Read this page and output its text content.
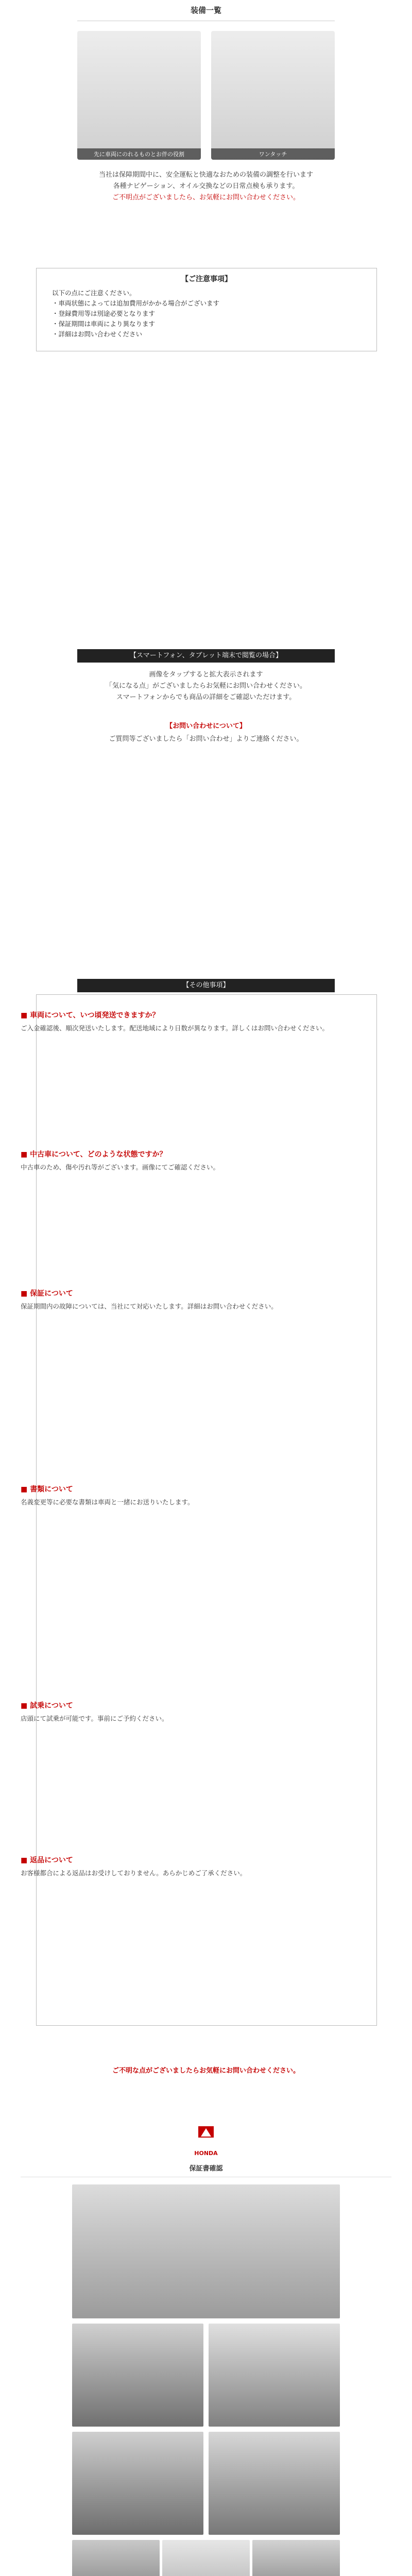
装備一覧
先に車両にのれるものとお伴の役割	ワンタッチ
当社は保障期間中に、安全運転と快適なおための装備の調整を行います
各種ナビゲーション、オイル交換などの日常点検も承ります。
ご不明点がございましたら、お気軽にお問い合わせください。
【ご注意事項】
以下の点にご注意ください。
・車両状態によっては追加費用がかかる場合がございます
・登録費用等は別途必要となります
・保証期間は車両により異なります
・詳細はお問い合わせください
【スマートフォン、タブレット端末で閲覧の場合】
画像をタップすると拡大表示されます
「気になる点」がございましたらお気軽にお問い合わせください。
スマートフォンからでも商品の詳細をご確認いただけます。
【お問い合わせについて】
ご質問等ございましたら「お問い合わせ」よりご連絡ください。
【その他事項】
■ 車両について、いつ頃発送できますか？
ご入金確認後、順次発送いたします。配送地域により日数が異なります。詳しくはお問い合わせください。
■ 中古車について、どのような状態ですか？
中古車のため、傷や汚れ等がございます。画像にてご確認ください。
■ 保証について
保証期間内の故障については、当社にて対応いたします。詳細はお問い合わせください。
■ 書類について
名義変更等に必要な書類は車両と一緒にお送りいたします。
■ 試乗について
店頭にて試乗が可能です。事前にご予約ください。
■ 返品について
お客様都合による返品はお受けしておりません。あらかじめご了承ください。
ご不明な点がございましたらお気軽にお問い合わせください。
HONDA
保証書確認
